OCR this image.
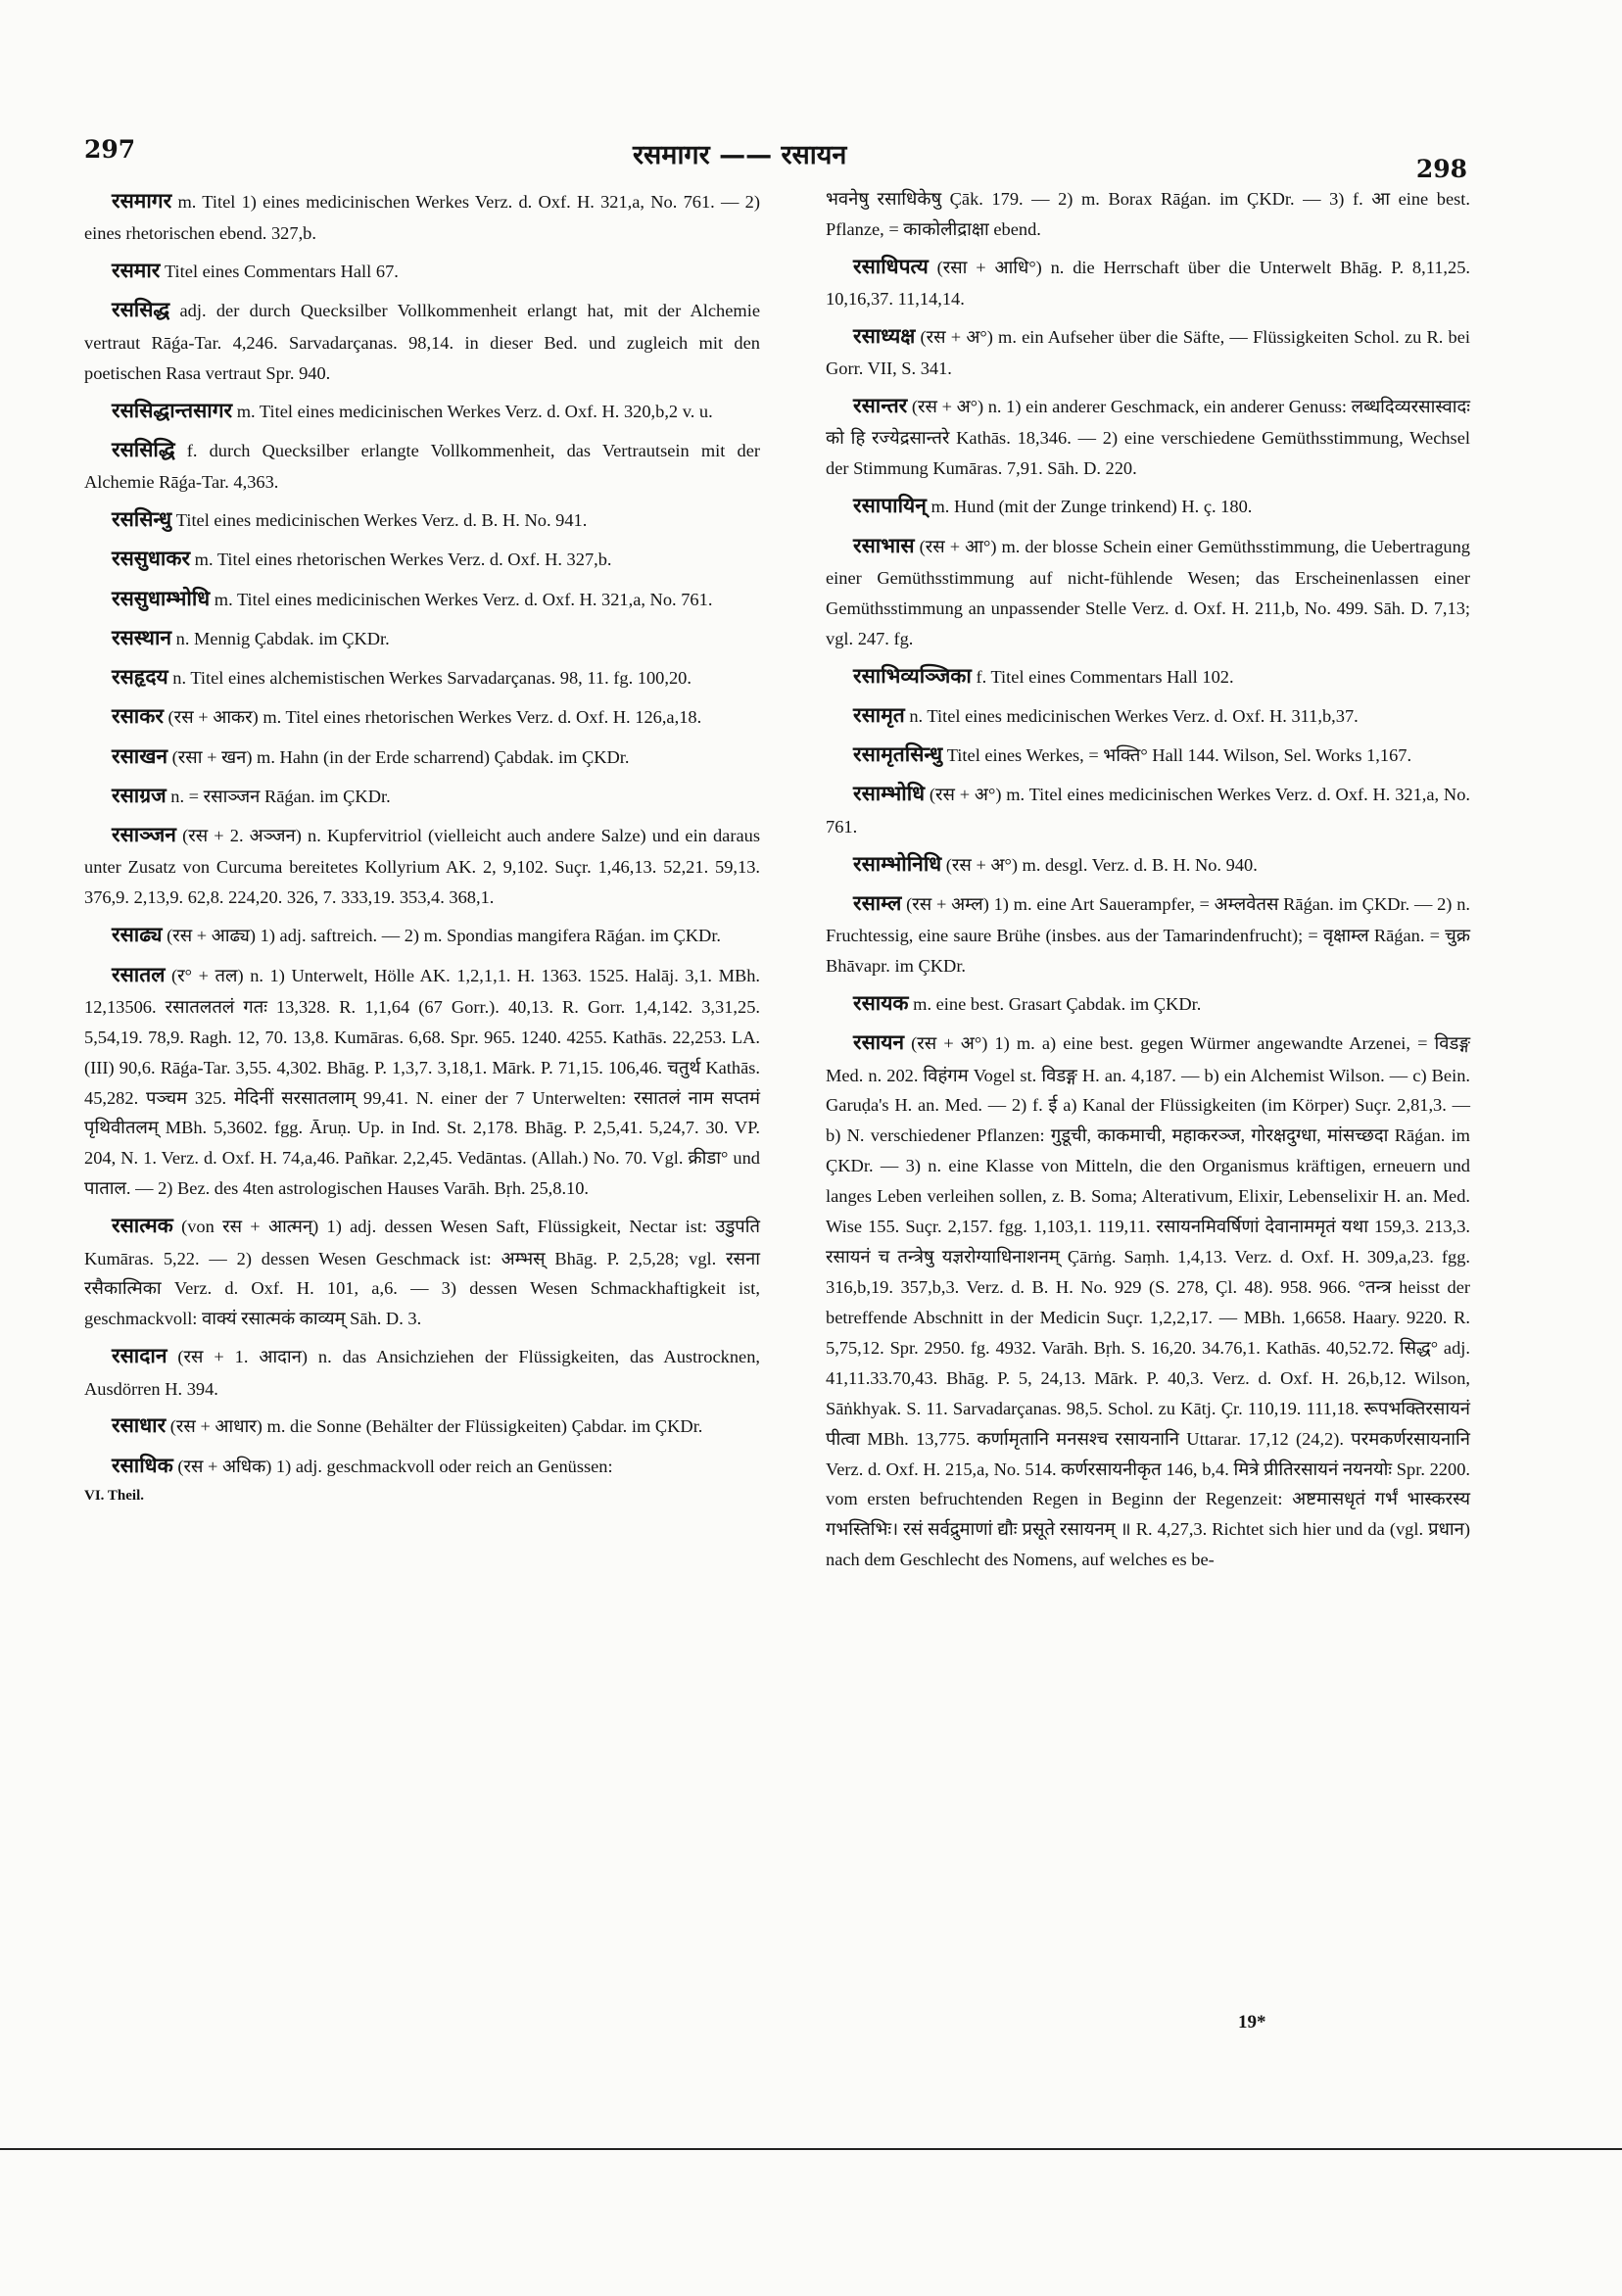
297	रसमागर —— रसायन	298

रसमागर m. Titel 1) eines medicinischen Werkes Verz. d. Oxf. H. 321,a, No. 761. — 2) eines rhetorischen ebend. 327,b.

रसमार Titel eines Commentars Hall 67.

रससिद्ध adj. der durch Quecksilber Vollkommenheit erlangt hat, mit der Alchemie vertraut Rāǵa-Tar. 4,246. Sarvadarçanas. 98,14. in dieser Bed. und zugleich mit den poetischen Rasa vertraut Spr. 940.

रससिद्धान्तसागर m. Titel eines medicinischen Werkes Verz. d. Oxf. H. 320,b,2 v. u.

रससिद्धि f. durch Quecksilber erlangte Vollkommenheit, das Vertrautsein mit der Alchemie Rāǵa-Tar. 4,363.

रससिन्धु Titel eines medicinischen Werkes Verz. d. B. H. No. 941.

रससुधाकर m. Titel eines rhetorischen Werkes Verz. d. Oxf. H. 327,b.

रससुधाम्भोधि m. Titel eines medicinischen Werkes Verz. d. Oxf. H. 321,a, No. 761.

रसस्थान n. Mennig Çabdak. im ÇKDr.

रसहृदय n. Titel eines alchemistischen Werkes Sarvadarçanas. 98, 11. fg. 100,20.

रसाकर (रस + आकर) m. Titel eines rhetorischen Werkes Verz. d. Oxf. H. 126,a,18.

रसाखन (रसा + खन) m. Hahn (in der Erde scharrend) Çabdak. im ÇKDr.

रसाग्रज n. = रसाञ्जन Rāǵan. im ÇKDr.

रसाञ्जन (रस + 2. अञ्जन) n. Kupfervitriol (vielleicht auch andere Salze) und ein daraus unter Zusatz von Curcuma bereitetes Kollyrium AK. 2, 9,102. Suçr. 1,46,13. 52,21. 59,13. 376,9. 2,13,9. 62,8. 224,20. 326, 7. 333,19. 353,4. 368,1.

रसाढ्य (रस + आढ्य) 1) adj. saftreich. — 2) m. Spondias mangifera Rāǵan. im ÇKDr.

रसातल (र° + तल) n. 1) Unterwelt, Hölle AK. 1,2,1,1. H. 1363. 1525. Halāj. 3,1. MBh. 12,13506. रसातलतलं गतः 13,328. R. 1,1,64 (67 Gorr.). 40,13. R. Gorr. 1,4,142. 3,31,25. 5,54,19. 78,9. Ragh. 12, 70. 13,8. Kumāras. 6,68. Spr. 965. 1240. 4255. Kathās. 22,253. LA. (III) 90,6. Rāǵa-Tar. 3,55. 4,302. Bhāg. P. 1,3,7. 3,18,1. Mārk. P. 71,15. 106,46. चतुर्थ Kathās. 45,282. पञ्चम 325. मेदिनीं सरसातलाम् 99,41. N. einer der 7 Unterwelten: रसातलं नाम सप्तमं पृथिवीतलम् MBh. 5,3602. fgg. Āruṇ. Up. in Ind. St. 2,178. Bhāg. P. 2,5,41. 5,24,7. 30. VP. 204, N. 1. Verz. d. Oxf. H. 74,a,46. Pañkar. 2,2,45. Vedāntas. (Allah.) No. 70. Vgl. क्रीडा° und पाताल. — 2) Bez. des 4ten astrologischen Hauses Varāh. Bṛh. 25,8.10.

रसात्मक (von रस + आत्मन्) 1) adj. dessen Wesen Saft, Flüssigkeit, Nectar ist: उडुपति Kumāras. 5,22. — 2) dessen Wesen Geschmack ist: अम्भस् Bhāg. P. 2,5,28; vgl. रसना रसैकात्मिका Verz. d. Oxf. H. 101, a,6. — 3) dessen Wesen Schmackhaftigkeit ist, geschmackvoll: वाक्यं रसात्मकं काव्यम् Sāh. D. 3.

रसादान (रस + 1. आदान) n. das Ansichziehen der Flüssigkeiten, das Austrocknen, Ausdörren H. 394.

रसाधार (रस + आधार) m. die Sonne (Behälter der Flüssigkeiten) Çabdar. im ÇKDr.

रसाधिक (रस + अधिक) 1) adj. geschmackvoll oder reich an Genüssen:

VI. Theil.

भवनेषु रसाधिकेषु Çāk. 179. — 2) m. Borax Rāǵan. im ÇKDr. — 3) f. आ eine best. Pflanze, = काकोलीद्राक्षा ebend.

रसाधिपत्य (रसा + आधि°) n. die Herrschaft über die Unterwelt Bhāg. P. 8,11,25. 10,16,37. 11,14,14.

रसाध्यक्ष (रस + अ°) m. ein Aufseher über die Säfte, — Flüssigkeiten Schol. zu R. bei Gorr. VII, S. 341.

रसान्तर (रस + अ°) n. 1) ein anderer Geschmack, ein anderer Genuss: लब्धदिव्यरसास्वादः को हि रज्येद्रसान्तरे Kathās. 18,346. — 2) eine verschiedene Gemüthsstimmung, Wechsel der Stimmung Kumāras. 7,91. Sāh. D. 220.

रसापायिन् m. Hund (mit der Zunge trinkend) H. ç. 180.

रसाभास (रस + आ°) m. der blosse Schein einer Gemüthsstimmung, die Uebertragung einer Gemüthsstimmung auf nicht-fühlende Wesen; das Erscheinenlassen einer Gemüthsstimmung an unpassender Stelle Verz. d. Oxf. H. 211,b, No. 499. Sāh. D. 7,13; vgl. 247. fg.

रसाभिव्यञ्जिका f. Titel eines Commentars Hall 102.

रसामृत n. Titel eines medicinischen Werkes Verz. d. Oxf. H. 311,b,37.

रसामृतसिन्धु Titel eines Werkes, = भक्ति° Hall 144. Wilson, Sel. Works 1,167.

रसाम्भोधि (रस + अ°) m. Titel eines medicinischen Werkes Verz. d. Oxf. H. 321,a, No. 761.

रसाम्भोनिधि (रस + अ°) m. desgl. Verz. d. B. H. No. 940.

रसाम्ल (रस + अम्ल) 1) m. eine Art Sauerampfer, = अम्लवेतस Rāǵan. im ÇKDr. — 2) n. Fruchtessig, eine saure Brühe (insbes. aus der Tamarindenfrucht); = वृक्षाम्ल Rāǵan. = चुक्र Bhāvapr. im ÇKDr.

रसायक m. eine best. Grasart Çabdak. im ÇKDr.

रसायन (रस + अ°) 1) m. a) eine best. gegen Würmer angewandte Arzenei, = विडङ्ग Med. n. 202. विहंगम Vogel st. विडङ्ग H. an. 4,187. — b) ein Alchemist Wilson. — c) Bein. Garuḍa's H. an. Med. — 2) f. ई a) Kanal der Flüssigkeiten (im Körper) Suçr. 2,81,3. — b) N. verschiedener Pflanzen: गुडूची, काकमाची, महाकरञ्ज, गोरक्षदुग्धा, मांसच्छदा Rāǵan. im ÇKDr. — 3) n. eine Klasse von Mitteln, die den Organismus kräftigen, erneuern und langes Leben verleihen sollen, z. B. Soma; Alterativum, Elixir, Lebenselixir H. an. Med. Wise 155. Suçr. 2,157. fgg. 1,103,1. 119,11. रसायनमिवर्षिणां देवानाममृतं यथा 159,3. 213,3. रसायनं च तन्त्रेषु यज्ञरोग्याधिनाशनम् Çārṅg. Saṃh. 1,4,13. Verz. d. Oxf. H. 309,a,23. fgg. 316,b,19. 357,b,3. Verz. d. B. H. No. 929 (S. 278, Çl. 48). 958. 966. °तन्त्र heisst der betreffende Abschnitt in der Medicin Suçr. 1,2,2,17. — MBh. 1,6658. Haary. 9220. R. 5,75,12. Spr. 2950. fg. 4932. Varāh. Bṛh. S. 16,20. 34.76,1. Kathās. 40,52.72. सिद्ध° adj. 41,11.33.70,43. Bhāg. P. 5, 24,13. Mārk. P. 40,3. Verz. d. Oxf. H. 26,b,12. Wilson, Sāṅkhyak. S. 11. Sarvadarçanas. 98,5. Schol. zu Kātj. Çr. 110,19. 111,18. रूपभक्तिरसायनं पीत्वा MBh. 13,775. कर्णामृतानि मनसश्च रसायनानि Uttarar. 17,12 (24,2). परमकर्णरसायनानि Verz. d. Oxf. H. 215,a, No. 514. कर्णरसायनीकृत 146, b,4. मित्रे प्रीतिरसायनं नयनयोः Spr. 2200. vom ersten befruchtenden Regen in Beginn der Regenzeit: अष्टमासधृतं गर्भं भास्करस्य गभस्तिभिः। रसं सर्वद्रुमाणां द्यौः प्रसूते रसायनम् ॥ R. 4,27,3. Richtet sich hier und da (vgl. प्रधान) nach dem Geschlecht des Nomens, auf welches es be-

19*
